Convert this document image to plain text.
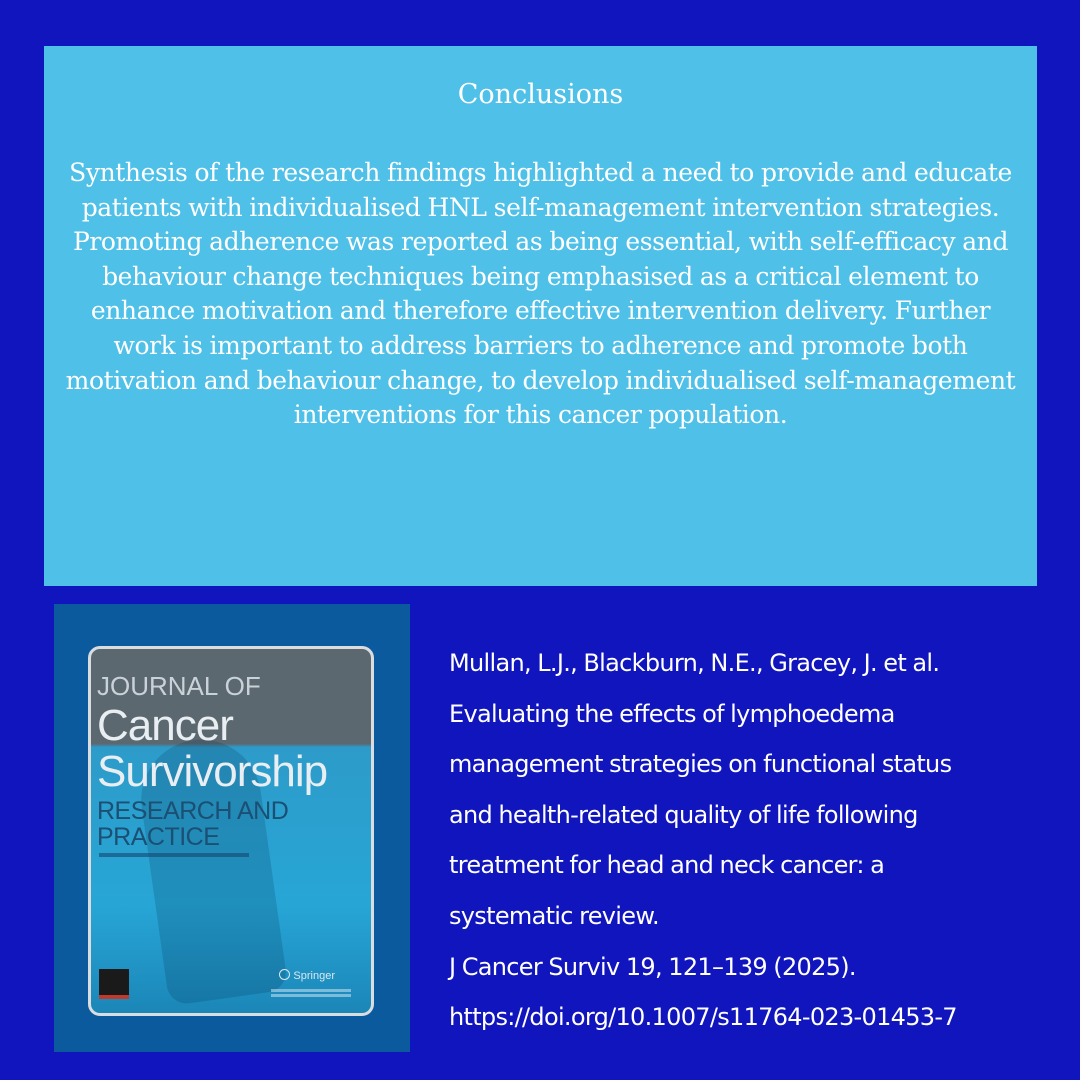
Conclusions
Synthesis of the research findings highlighted a need to provide and educate patients with individualised HNL self-management intervention strategies. Promoting adherence was reported as being essential, with self-efficacy and behaviour change techniques being emphasised as a critical element to enhance motivation and therefore effective intervention delivery. Further work is important to address barriers to adherence and promote both motivation and behaviour change, to develop individualised self-management interventions for this cancer population.
JOURNAL OF
Cancer
Survivorship
RESEARCH AND
PRACTICE
Springer
Mullan, L.J., Blackburn, N.E., Gracey, J. et al.
Evaluating the effects of lymphoedema
management strategies on functional status
and health-related quality of life following
treatment for head and neck cancer: a
systematic review.
J Cancer Surviv 19, 121–139 (2025).
https://doi.org/10.1007/s11764-023-01453-7
